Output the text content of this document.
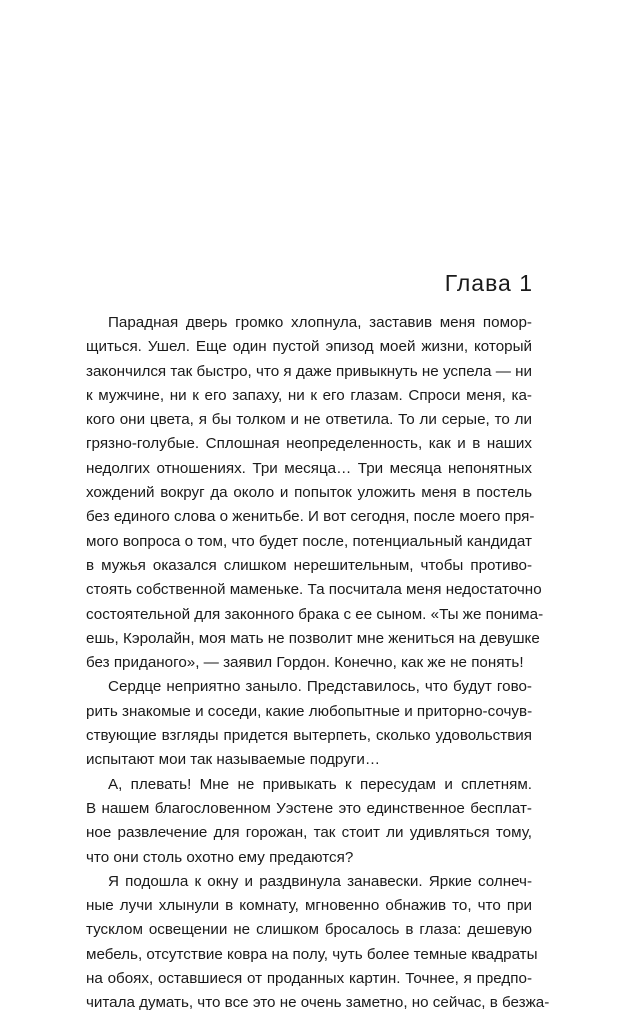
Глава 1
Парадная дверь громко хлопнула, заставив меня помор-
щиться. Ушел. Еще один пустой эпизод моей жизни, который
закончился так быстро, что я даже привыкнуть не успела — ни
к мужчине, ни к его запаху, ни к его глазам. Спроси меня, ка-
кого они цвета, я бы толком и не ответила. То ли серые, то ли
грязно-голубые. Сплошная неопределенность, как и в наших
недолгих отношениях. Три месяца… Три месяца непонятных
хождений вокруг да около и попыток уложить меня в постель
без единого слова о женитьбе. И вот сегодня, после моего пря-
мого вопроса о том, что будет после, потенциальный кандидат
в мужья оказался слишком нерешительным, чтобы противо-
стоять собственной маменьке. Та посчитала меня недостаточно
состоятельной для законного брака с ее сыном. «Ты же понима-
ешь, Кэролайн, моя мать не позволит мне жениться на девушке
без приданого», — заявил Гордон. Конечно, как же не понять!
Сердце неприятно заныло. Представилось, что будут гово-
рить знакомые и соседи, какие любопытные и приторно-сочув-
ствующие взгляды придется вытерпеть, сколько удовольствия
испытают мои так называемые подруги…
А, плевать! Мне не привыкать к пересудам и сплетням.
В нашем благословенном Уэстене это единственное бесплат-
ное развлечение для горожан, так стоит ли удивляться тому,
что они столь охотно ему предаются?
Я подошла к окну и раздвинула занавески. Яркие солнеч-
ные лучи хлынули в комнату, мгновенно обнажив то, что при
тусклом освещении не слишком бросалось в глаза: дешевую
мебель, отсутствие ковра на полу, чуть более темные квадраты
на обоях, оставшиеся от проданных картин. Точнее, я предпо-
читала думать, что все это не очень заметно, но сейчас, в безжа-
